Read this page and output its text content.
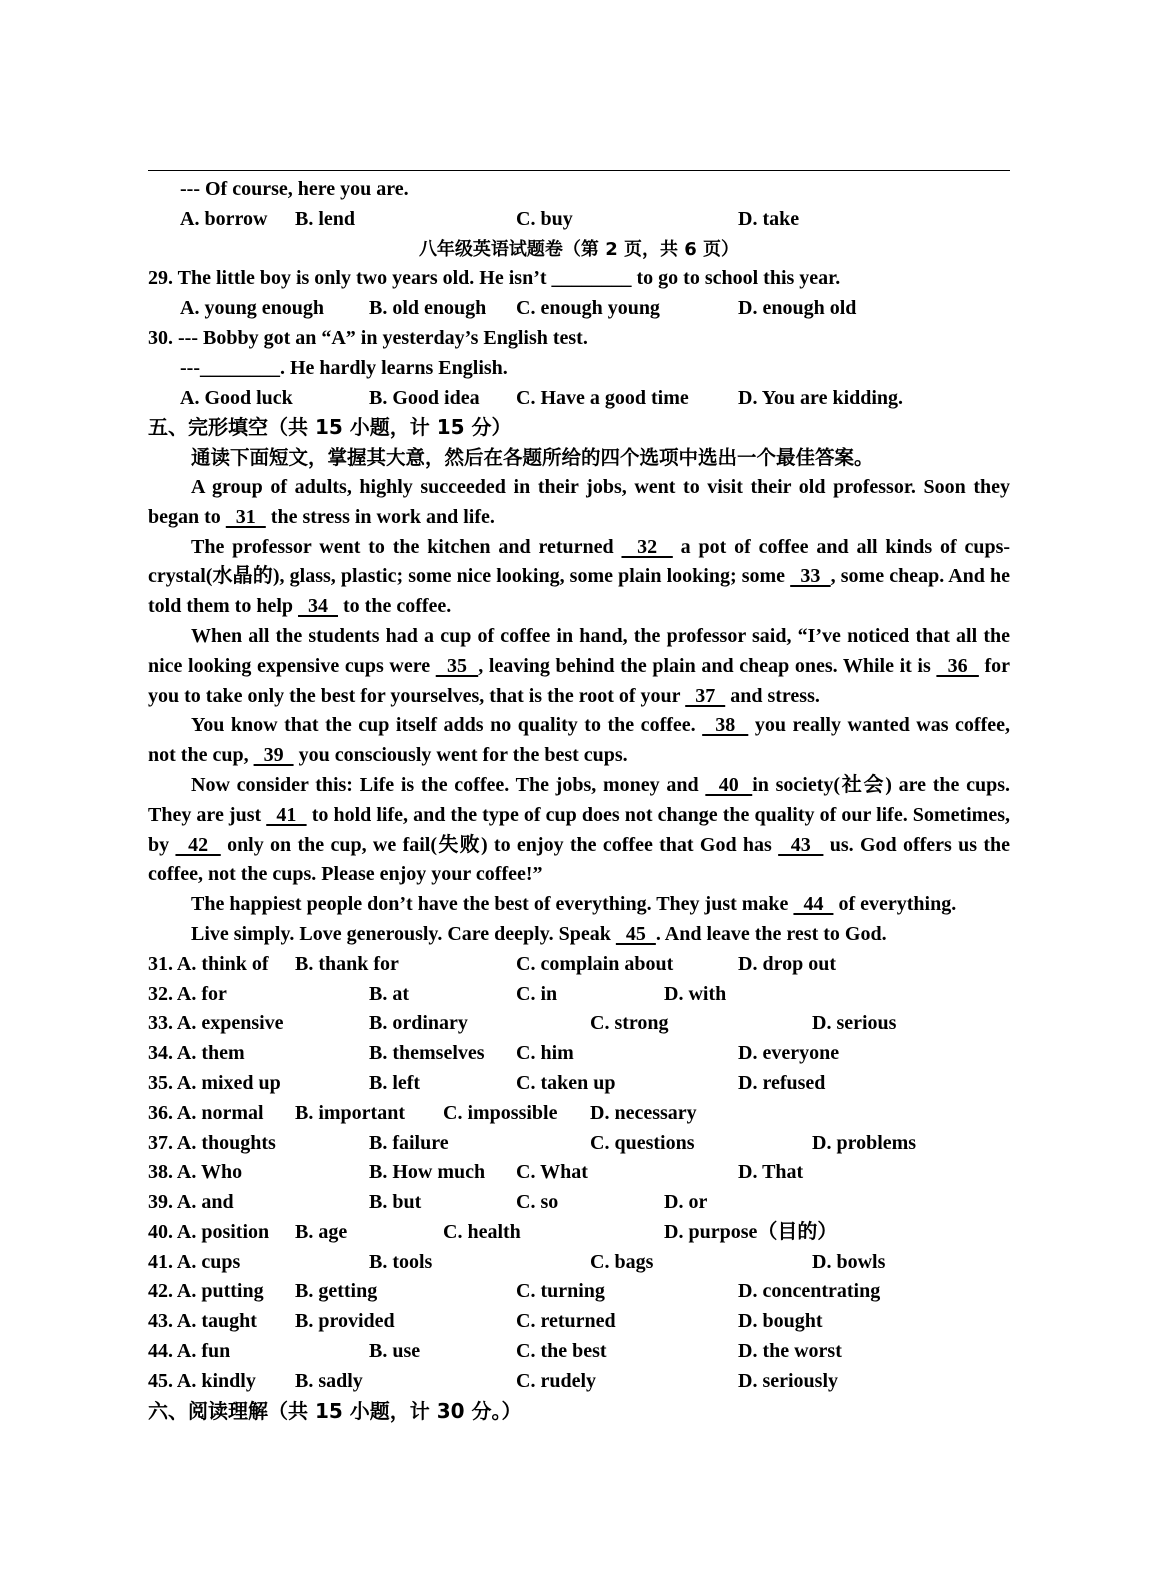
--- Of course, here you are.
A. borrow B. lend	C. buy	D. take
八年级英语试题卷（第 2 页，共 6 页）
29. The little boy is only two years old. He isn’t ________ to go to school this year.
A. young enough B. old enough C. enough young	D. enough old
30. --- Bobby got an “A” in yesterday’s English test.
---________. He hardly learns English.
A. Good luck	B. Good idea C. Have a good time D. You are kidding.
五、完形填空（共 15 小题，计 15 分）
通读下面短文，掌握其大意，然后在各题所给的四个选项中选出一个最佳答案。
A group of adults, highly succeeded in their jobs, went to visit their old professor. Soon they began to   31   the stress in work and life.
The professor went to the kitchen and returned   32   a pot of coffee and all kinds of cups-crystal(水晶的), glass, plastic; some nice looking, some plain looking; some   33  , some cheap. And he told them to help   34   to the coffee.
When all the students had a cup of coffee in hand, the professor said, “I’ve noticed that all the nice looking expensive cups were   35  , leaving behind the plain and cheap ones. While it is   36   for you to take only the best for yourselves, that is the root of your   37   and stress.
You know that the cup itself adds no quality to the coffee.   38   you really wanted was coffee, not the cup,   39   you consciously went for the best cups.
Now consider this: Life is the coffee. The jobs, money and   40  in society(社会) are the cups. They are just   41   to hold life, and the type of cup does not change the quality of our life. Sometimes, by   42   only on the cup, we fail(失败) to enjoy the coffee that God has   43   us. God offers us the coffee, not the cups. Please enjoy your coffee!”
The happiest people don’t have the best of everything. They just make   44   of everything.
Live simply. Love generously. Care deeply. Speak   45  . And leave the rest to God.
31. A. think of B. thank for	C. complain about	D. drop out
32. A. for	B. at	C. in	D. with
33. A. expensive	B. ordinary	C. strong	D. serious
34. A. them	B. themselves C. him	D. everyone
35. A. mixed up	B. left	C. taken up	D. refused
36. A. normal B. important C. impossible D. necessary
37. A. thoughts	B. failure	C. questions	D. problems
38. A. Who	B. How much C. What	D. That
39. A. and	B. but	C. so	D. or
40. A. position B. age	C. health	D. purpose（目的）
41. A. cups	B. tools	C. bags	D. bowls
42. A. putting B. getting	C. turning	D. concentrating
43. A. taught B. provided	C. returned	D. bought
44. A. fun	B. use	C. the best	D. the worst
45. A. kindly B. sadly	C. rudely	D. seriously
六、阅读理解（共 15 小题，计 30 分。）
